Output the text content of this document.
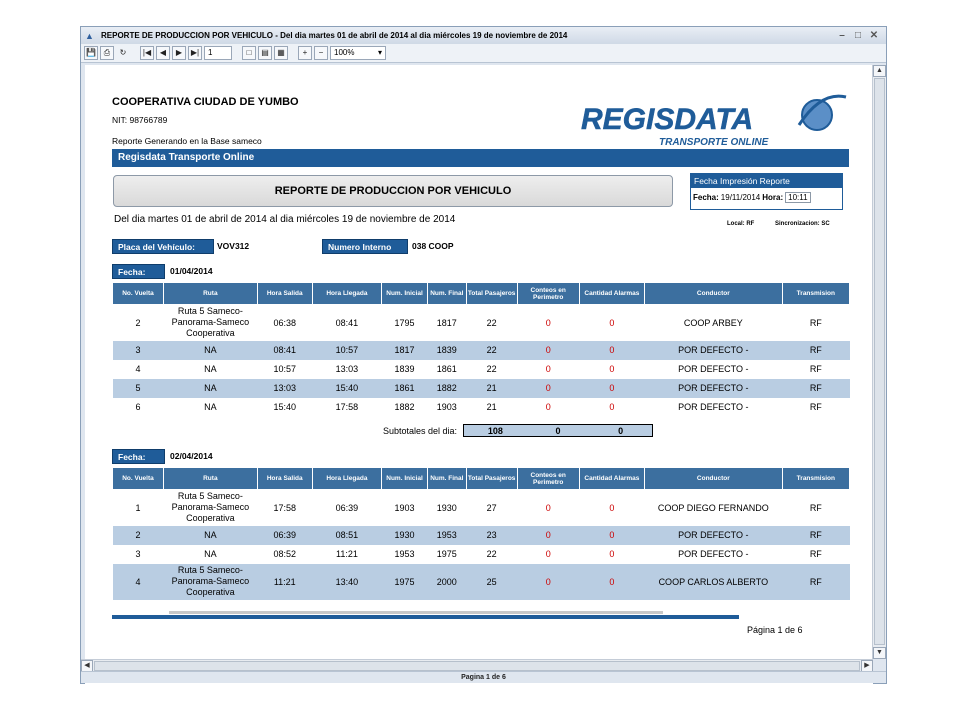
▲ REPORTE DE PRODUCCION POR VEHICULO - Del dia martes 01 de abril de 2014 al dia miércoles 19 de noviembre de 2014	–	□ ✕
💾 ⎙	↻	|◀	◀	▶	▶|	1	□	▤	▦	+	−	100%	▾
COOPERATIVA CIUDAD DE YUMBO
NIT: 98766789
Reporte Generando en la Base sameco
REGISDATA
TRANSPORTE ONLINE
Regisdata Transporte Online
REPORTE DE PRODUCCION POR VEHICULO
Fecha Impresión Reporte
Fecha: 19/11/2014 Hora: 10:11
Del dia martes 01 de abril de 2014 al dia miércoles 19 de noviembre de 2014	Local: RF	Sincronizacion: SC
Placa del Vehículo:	VOV312	Numero Interno	038 COOP
Fecha:	01/04/2014
No. Vuelta	Ruta	Hora Salida	Hora Llegada	Num. Inicial	Num. Final	Total Pasajeros	Conteos en Perimetro	Cantidad Alarmas	Conductor	Transmision
2	Ruta 5 Sameco-Panorama-Sameco Cooperativa	06:38	08:41	1795	1817	22	0	0	COOP ARBEY	RF
3	NA	08:41	10:57	1817	1839	22	0	0	POR DEFECTO -	RF
4	NA	10:57	13:03	1839	1861	22	0	0	POR DEFECTO -	RF
5	NA	13:03	15:40	1861	1882	21	0	0	POR DEFECTO -	RF
6	NA	15:40	17:58	1882	1903	21	0	0	POR DEFECTO -	RF
Subtotales del dia:	108	0	0
Fecha:	02/04/2014
No. Vuelta	Ruta	Hora Salida	Hora Llegada	Num. Inicial	Num. Final	Total Pasajeros	Conteos en Perimetro	Cantidad Alarmas	Conductor	Transmision
1	Ruta 5 Sameco-Panorama-Sameco Cooperativa	17:58	06:39	1903	1930	27	0	0	COOP DIEGO FERNANDO	RF
2	NA	06:39	08:51	1930	1953	23	0	0	POR DEFECTO -	RF
3	NA	08:52	11:21	1953	1975	22	0	0	POR DEFECTO -	RF
4	Ruta 5 Sameco-Panorama-Sameco Cooperativa	11:21	13:40	1975	2000	25	0	0	COOP CARLOS ALBERTO	RF
Página 1 de 6
▲
▼
◀	▶
Pagina 1 de 6
